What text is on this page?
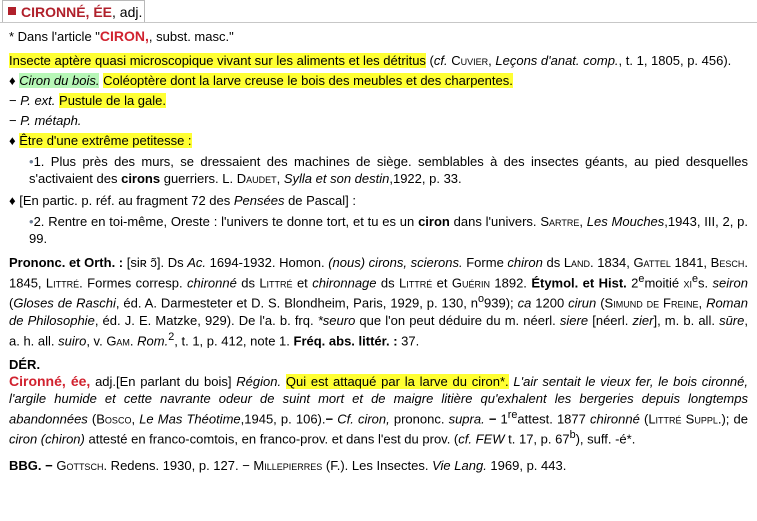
CIRONNÉ, ÉE, adj.

* Dans l'article "CIRON,, subst. masc."

Insecte aptère quasi microscopique vivant sur les aliments et les détritus (cf. Cuvier, Leçons d'anat. comp., t. 1, 1805, p. 456).

♦ Ciron du bois. Coléoptère dont la larve creuse le bois des meubles et des charpentes.

− P. ext. Pustule de la gale.

− P. métaph.

♦ Être d'une extrême petitesse :

•1. Plus près des murs, se dressaient des machines de siège. semblables à des insectes géants, au pied desquelles s'activaient des cirons guerriers. L. Daudet, Sylla et son destin,1922, p. 33.

♦ [En partic. p. réf. au fragment 72 des Pensées de Pascal] :

•2. Rentre en toi-même, Oreste : l'univers te donne tort, et tu es un ciron dans l'univers. Sartre, Les Mouches,1943, III, 2, p. 99.

Prononc. et Orth. : [siʀ ɔ͂]. Ds Ac. 1694-1932. Homon. (nous) cirons, scierons. Forme chiron ds Land. 1834, Gattel 1841, Besch. 1845, Littré. Formes corresp. chironné ds Littré et chironnage ds Littré et Guérin 1892. Étymol. et Hist. 2emoitié $xi^es$. seiron (Gloses de Raschi, éd. A. Darmesteter et D. S. Blondheim, Paris, 1929, p. 130, $n^o939$); ca 1200 cirun (Simund de Freine, Roman de Philosophie, éd. J. E. Matzke, 929). De l'a. b. frq. *seuro que l'on peut déduire du m. néerl. siere [néerl. zier], m. b. all. sūre, a. h. all. suiro, v. Gam. Rom.$^2$, t. 1, p. 412, note 1. Fréq. abs. littér. : 37.

DÉR.

Cironné, ée, adj.[En parlant du bois] Région. Qui est attaqué par la larve du ciron*. L'air sentait le vieux fer, le bois cironné, l'argile humide et cette navrante odeur de suint mort et de maigre litière qu'exhalent les bergeries depuis longtemps abandonnées (Bosco, Le Mas Théotime,1945, p. 106).− Cf. ciron, prononc. supra. − 1reattest. 1877 chironné (Littré Suppl.); de ciron (chiron) attesté en franco-comtois, en franco-prov. et dans l'est du prov. (cf. FEW t. 17, p. 67$^b$), suff. -é*.

BBG. − Gottsch. Redens. 1930, p. 127. − Millepierres (F.). Les Insectes. Vie Lang. 1969, p. 443.
